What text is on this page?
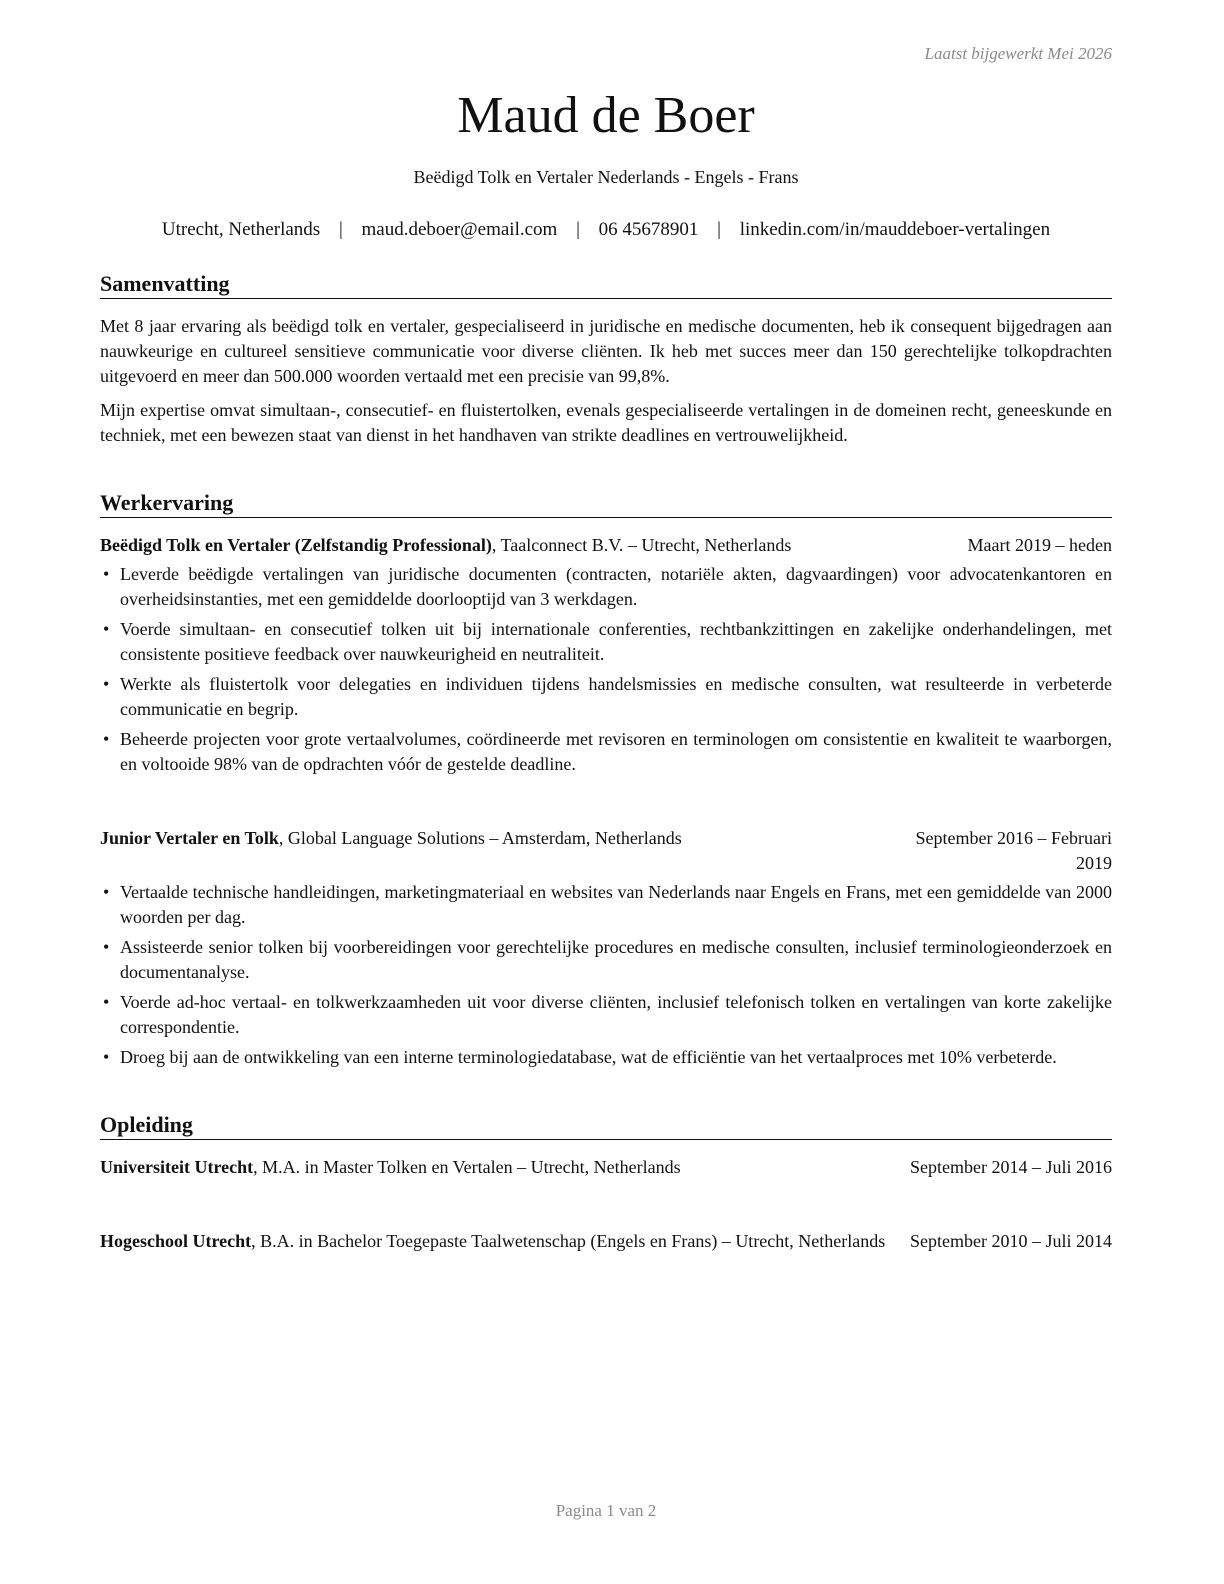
Laatst bijgewerkt Mei 2026
Maud de Boer
Beëdigd Tolk en Vertaler Nederlands - Engels - Frans
Utrecht, Netherlands | maud.deboer@email.com | 06 45678901 | linkedin.com/in/mauddeboer-vertalingen
Samenvatting
Met 8 jaar ervaring als beëdigd tolk en vertaler, gespecialiseerd in juridische en medische documenten, heb ik consequent bijgedragen aan nauwkeurige en cultureel sensitieve communicatie voor diverse cliënten. Ik heb met succes meer dan 150 gerechtelijke tolkopdrachten uitgevoerd en meer dan 500.000 woorden vertaald met een precisie van 99,8%.
Mijn expertise omvat simultaan-, consecutief- en fluistertolken, evenals gespecialiseerde vertalingen in de domeinen recht, geneeskunde en techniek, met een bewezen staat van dienst in het handhaven van strikte deadlines en vertrouwelijkheid.
Werkervaring
Beëdigd Tolk en Vertaler (Zelfstandig Professional), Taalconnect B.V. – Utrecht, Netherlands	Maart 2019 – heden
• Leverde beëdigde vertalingen van juridische documenten (contracten, notariële akten, dagvaardingen) voor advocatenkantoren en overheidsinstanties, met een gemiddelde doorlooptijd van 3 werkdagen.
• Voerde simultaan- en consecutief tolken uit bij internationale conferenties, rechtbankzittingen en zakelijke onderhandelingen, met consistente positieve feedback over nauwkeurigheid en neutraliteit.
• Werkte als fluistertolk voor delegaties en individuen tijdens handelsmissies en medische consulten, wat resulteerde in verbeterde communicatie en begrip.
• Beheerde projecten voor grote vertaalvolumes, coördineerde met revisoren en terminologen om consistentie en kwaliteit te waarborgen, en voltooide 98% van de opdrachten vóór de gestelde deadline.
Junior Vertaler en Tolk, Global Language Solutions – Amsterdam, Netherlands	September 2016 – Februari 2019
• Vertaalde technische handleidingen, marketingmateriaal en websites van Nederlands naar Engels en Frans, met een gemiddelde van 2000 woorden per dag.
• Assisteerde senior tolken bij voorbereidingen voor gerechtelijke procedures en medische consulten, inclusief terminologieonderzoek en documentanalyse.
• Voerde ad-hoc vertaal- en tolkwerkzaamheden uit voor diverse cliënten, inclusief telefonisch tolken en vertalingen van korte zakelijke correspondentie.
• Droeg bij aan de ontwikkeling van een interne terminologiedatabase, wat de efficiëntie van het vertaalproces met 10% verbeterde.
Opleiding
Universiteit Utrecht, M.A. in Master Tolken en Vertalen – Utrecht, Netherlands	September 2014 – Juli 2016
Hogeschool Utrecht, B.A. in Bachelor Toegepaste Taalwetenschap (Engels en Frans) – Utrecht, Netherlands	September 2010 – Juli 2014
Pagina 1 van 2
